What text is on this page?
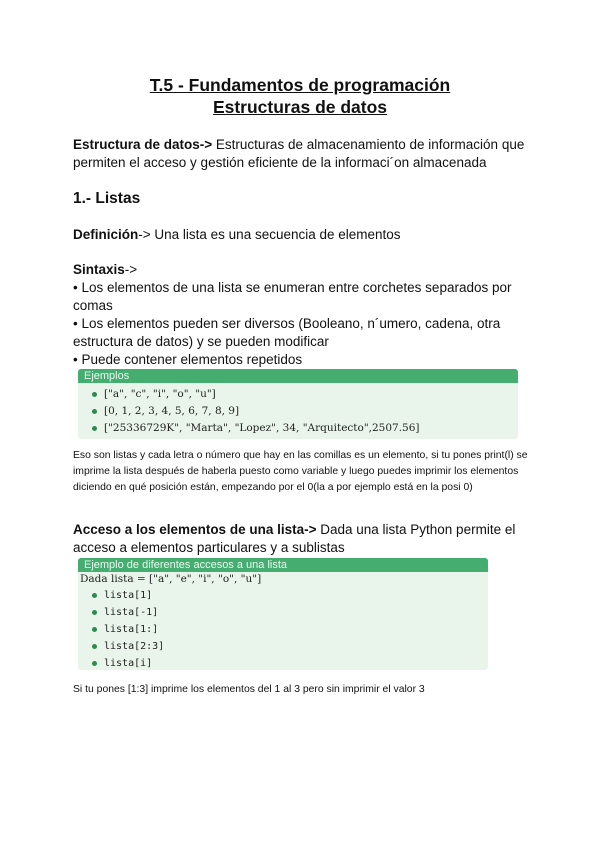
T.5 - Fundamentos de programación
Estructuras de datos
Estructura de datos-> Estructuras de almacenamiento de información que permiten el acceso y gestión eficiente de la informaci´on almacenada
1.- Listas
Definición-> Una lista es una secuencia de elementos
Sintaxis->
• Los elementos de una lista se enumeran entre corchetes separados por comas
• Los elementos pueden ser diversos (Booleano, n´umero, cadena, otra estructura de datos) y se pueden modificar
• Puede contener elementos repetidos
Ejemplos
["a", "c", "i", "o", "u"]
[0, 1, 2, 3, 4, 5, 6, 7, 8, 9]
["25336729K", "Marta", "Lopez", 34, "Arquitecto",2507.56]
Eso son listas y cada letra o número que hay en las comillas es un elemento, si tu pones print(l) se imprime la lista después de haberla puesto como variable y luego puedes imprimir los elementos diciendo en qué posición están, empezando por el 0(la a por ejemplo está en la posi 0)
Acceso a los elementos de una lista-> Dada una lista Python permite el acceso a elementos particulares y a sublistas
Ejemplo de diferentes accesos a una lista
Dada lista = ["a", "e", "i", "o", "u"]
lista[1]
lista[-1]
lista[1:]
lista[2:3]
lista[i]
Si tu pones [1:3] imprime los elementos del 1 al 3 pero sin imprimir el valor 3
